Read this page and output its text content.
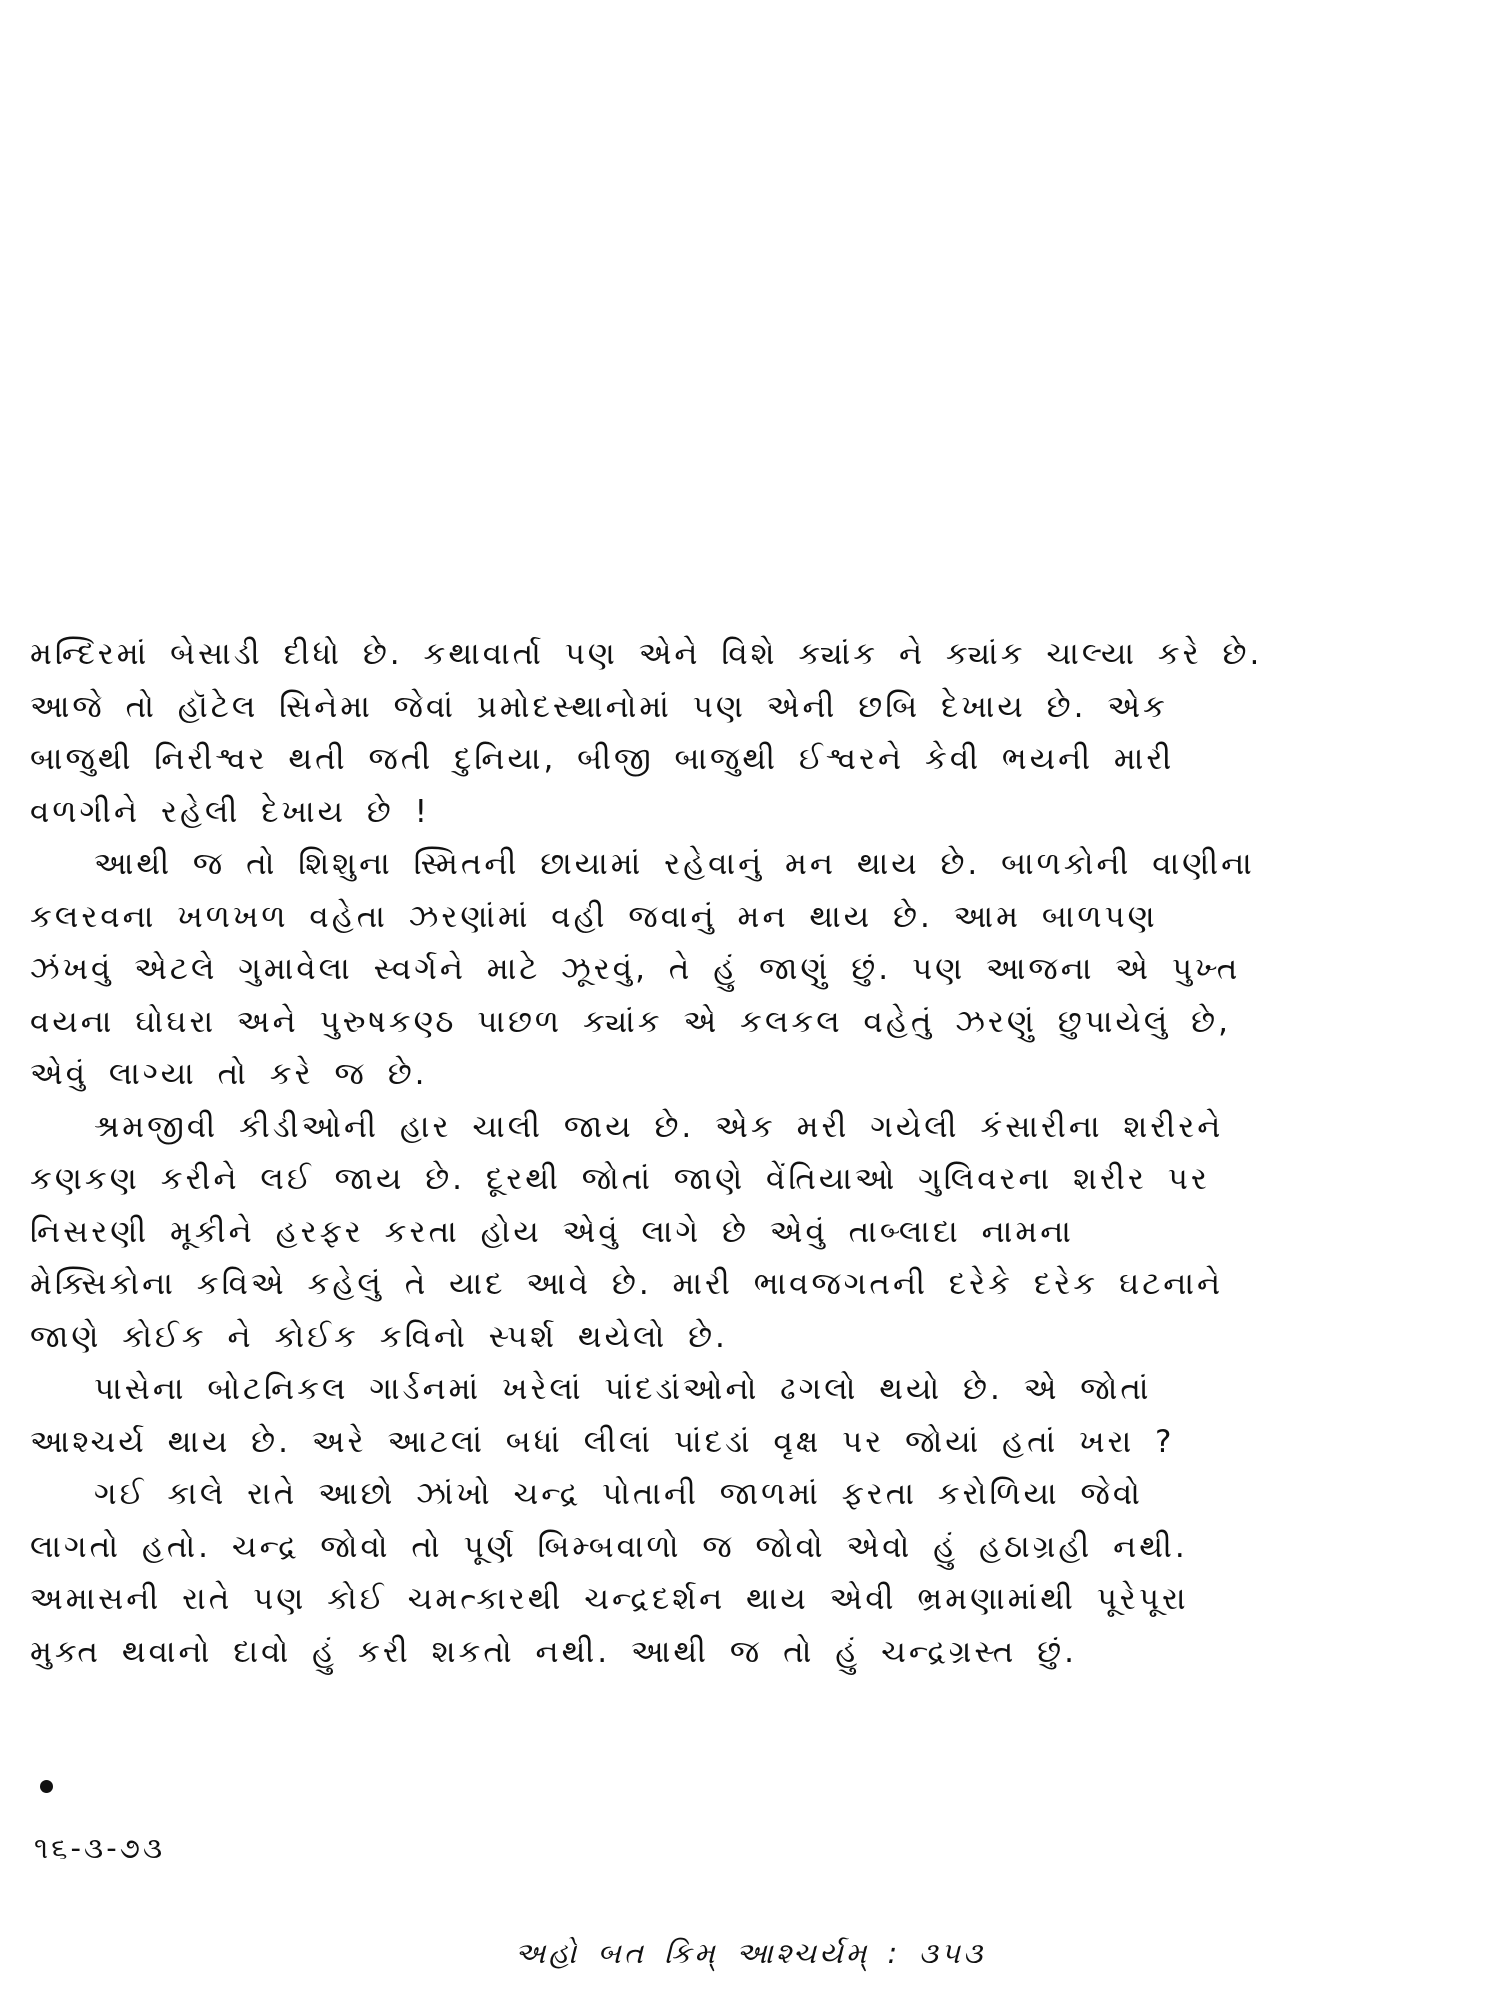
મન્દિરમાં બેસાડી દીધો છે. કથાવાર્તા પણ એને વિશે ક્યાંક ને ક્યાંક ચાલ્યા કરે છે.
આજે તો હૉટેલ સિનેમા જેવાં પ્રમોદસ્થાનોમાં પણ એની છબિ દેખાય છે. એક
બાજુથી નિરીશ્વર થતી જતી દુનિયા, બીજી બાજુથી ઈશ્વરને કેવી ભયની મારી
વળગીને રહેલી દેખાય છે !
આથી જ તો શિશુના સ્મિતની છાયામાં રહેવાનું મન થાય છે. બાળકોની વાણીના
કલરવના ખળખળ વહેતા ઝરણાંમાં વહી જવાનું મન થાય છે. આમ બાળપણ
ઝંખવું એટલે ગુમાવેલા સ્વર્ગને માટે ઝૂરવું, તે હું જાણું છું. પણ આજના એ પુખ્ત
વયના ઘોઘરા અને પુરુષકણ્ઠ પાછળ ક્યાંક એ કલકલ વહેતું ઝરણું છુપાયેલું છે,
એવું લાગ્યા તો કરે જ છે.
શ્રમજીવી કીડીઓની હાર ચાલી જાય છે. એક મરી ગયેલી કંસારીના શરીરને
કણકણ કરીને લઈ જાય છે. દૂરથી જોતાં જાણે વેંતિયાઓ ગુલિવરના શરીર પર
નિસરણી મૂકીને હરફર કરતા હોય એવું લાગે છે એવું તાબ્લાદા નામના
મેક્સિકોના કવિએ કહેલું તે યાદ આવે છે. મારી ભાવજગતની દરેકે દરેક ઘટનાને
જાણે કોઈક ને કોઈક કવિનો સ્પર્શ થયેલો છે.
પાસેના બોટનિકલ ગાર્ડનમાં ખરેલાં પાંદડાંઓનો ઢગલો થયો છે. એ જોતાં
આશ્ચર્ય થાય છે. અરે આટલાં બધાં લીલાં પાંદડાં વૃક્ષ પર જોયાં હતાં ખરા ?
ગઈ કાલે રાતે આછો ઝાંખો ચન્દ્ર પોતાની જાળમાં ફરતા કરોળિયા જેવો
લાગતો હતો. ચન્દ્ર જોવો તો પૂર્ણ બિમ્બવાળો જ જોવો એવો હું હઠાગ્રહી નથી.
અમાસની રાતે પણ કોઈ ચમત્કારથી ચન્દ્રદર્શન થાય એવી ભ્રમણામાંથી પૂરેપૂરા
મુક્ત થવાનો દાવો હું કરી શકતો નથી. આથી જ તો હું ચન્દ્રગ્રસ્ત છું.
૧૬-૩-૭૩
અહો બત કિમ્ આશ્ચર્યમ્ : ૩૫૩
